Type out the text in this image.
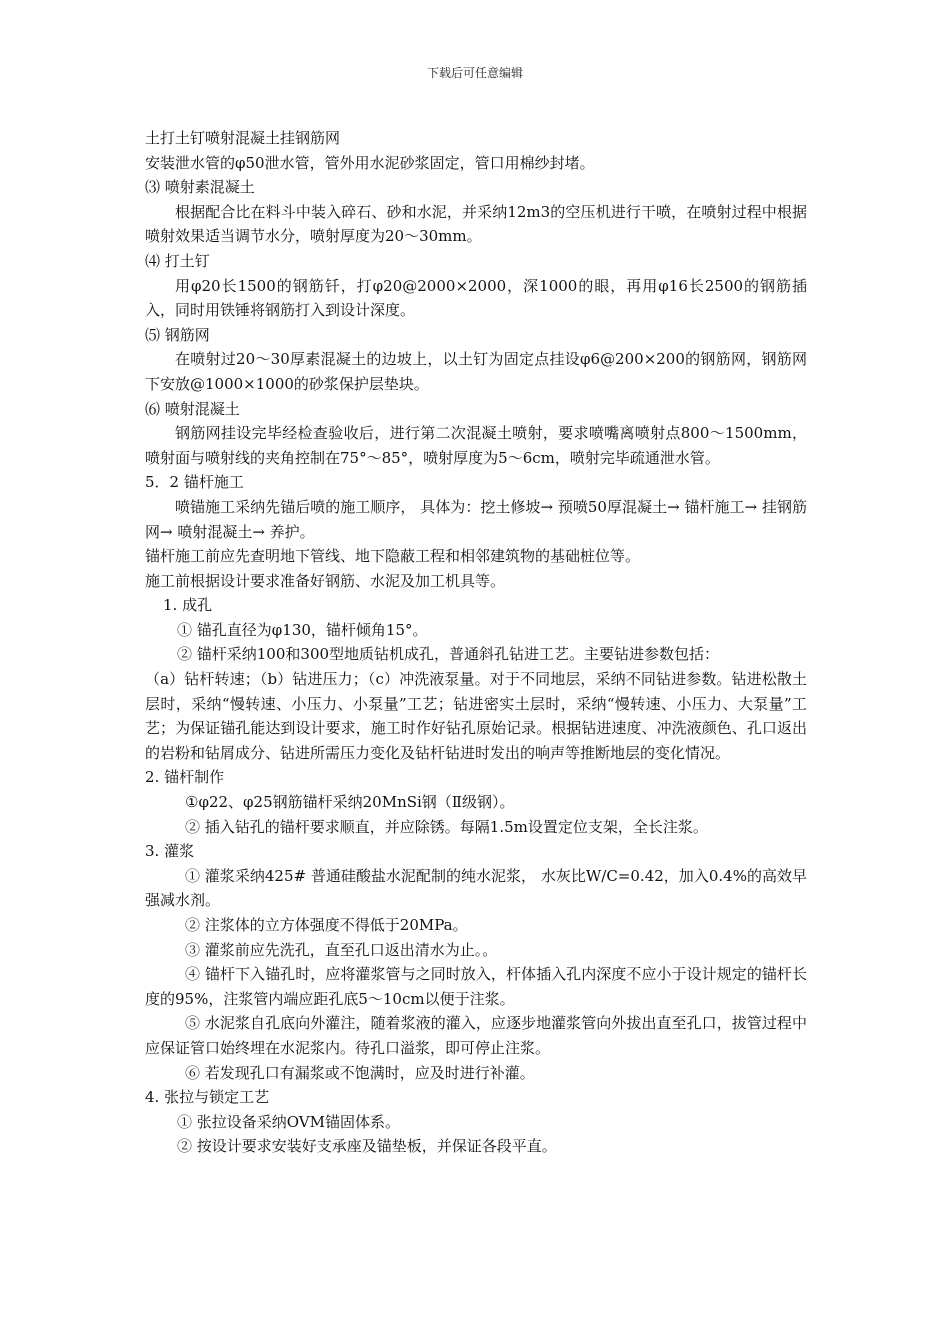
下载后可任意编辑

土打土钉喷射混凝土挂钢筋网

安装泄水管的φ50泄水管，管外用水泥砂浆固定，管口用棉纱封堵。

⑶ 喷射素混凝土

根据配合比在料斗中装入碎石、砂和水泥，并采纳12m3的空压机进行干喷，在喷射过程中根据喷射效果适当调节水分，喷射厚度为20～30mm。

⑷ 打土钉

用φ20长1500的钢筋钎，打φ20@2000×2000，深1000的眼，再用φ16长2500的钢筋插入，同时用铁锤将钢筋打入到设计深度。

⑸ 钢筋网

在喷射过20～30厚素混凝土的边坡上，以土钉为固定点挂设φ6@200×200的钢筋网，钢筋网下安放@1000×1000的砂浆保护层垫块。

⑹ 喷射混凝土

钢筋网挂设完毕经检查验收后，进行第二次混凝土喷射，要求喷嘴离喷射点800～1500mm，喷射面与喷射线的夹角控制在75°～85°，喷射厚度为5～6cm，喷射完毕疏通泄水管。

5．2 锚杆施工

喷锚施工采纳先锚后喷的施工顺序， 具体为：挖土修坡→ 预喷50厚混凝土→ 锚杆施工→ 挂钢筋网→ 喷射混凝土→ 养护。

锚杆施工前应先查明地下管线、地下隐蔽工程和相邻建筑物的基础桩位等。

施工前根据设计要求准备好钢筋、水泥及加工机具等。

1. 成孔

① 锚孔直径为φ130，锚杆倾角15°。

② 锚杆采纳100和300型地质钻机成孔，普通斜孔钻进工艺。主要钻进参数包括：

（a）钻杆转速；（b）钻进压力；（c）冲洗液泵量。对于不同地层，采纳不同钻进参数。钻进松散土层时，采纳“慢转速、小压力、小泵量”工艺；钻进密实土层时，采纳“慢转速、小压力、大泵量”工艺；为保证锚孔能达到设计要求，施工时作好钻孔原始记录。根据钻进速度、冲洗液颜色、孔口返出的岩粉和钻屑成分、钻进所需压力变化及钻杆钻进时发出的响声等推断地层的变化情况。

2. 锚杆制作

①φ22、φ25钢筋锚杆采纳20MnSi钢（Ⅱ级钢）。

② 插入钻孔的锚杆要求顺直，并应除锈。每隔1.5m设置定位支架，全长注浆。

3. 灌浆

① 灌浆采纳425# 普通硅酸盐水泥配制的纯水泥浆， 水灰比W/C=0.42，加入0.4%的高效早强减水剂。

② 注浆体的立方体强度不得低于20MPa。

③ 灌浆前应先洗孔，直至孔口返出清水为止。。

④ 锚杆下入锚孔时，应将灌浆管与之同时放入，杆体插入孔内深度不应小于设计规定的锚杆长度的95%，注浆管内端应距孔底5～10cm以便于注浆。

⑤ 水泥浆自孔底向外灌注，随着浆液的灌入，应逐步地灌浆管向外拔出直至孔口，拔管过程中应保证管口始终埋在水泥浆内。待孔口溢浆，即可停止注浆。

⑥ 若发现孔口有漏浆或不饱满时，应及时进行补灌。

4. 张拉与锁定工艺

① 张拉设备采纳OVM锚固体系。

② 按设计要求安装好支承座及锚垫板，并保证各段平直。
